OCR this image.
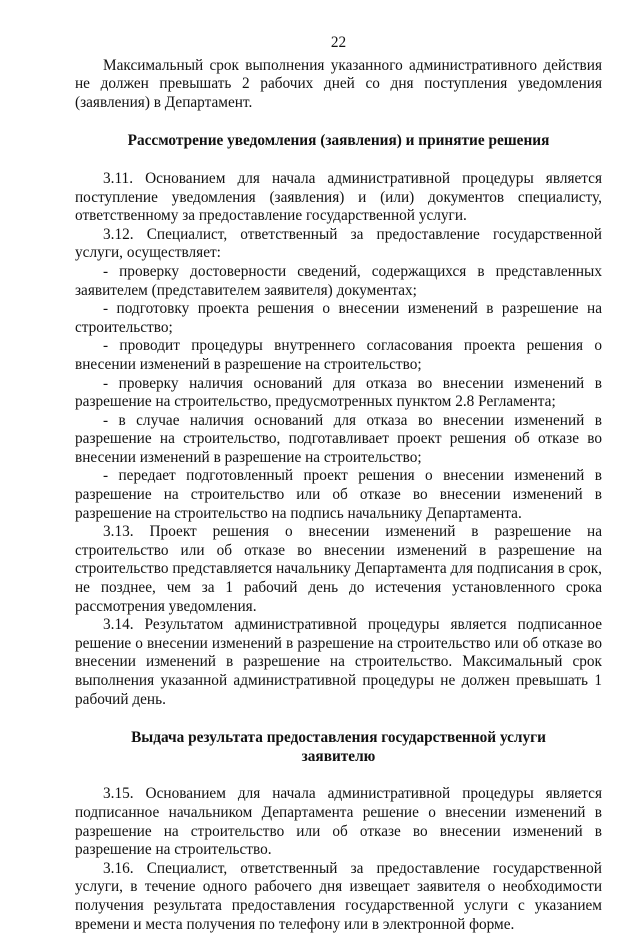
22

Максимальный срок выполнения указанного административного действия не должен превышать 2 рабочих дней со дня поступления уведомления (заявления) в Департамент.

Рассмотрение уведомления (заявления) и принятие решения

3.11. Основанием для начала административной процедуры является поступление уведомления (заявления) и (или) документов специалисту, ответственному за предоставление государственной услуги.

3.12. Специалист, ответственный за предоставление государственной услуги, осуществляет:

- проверку достоверности сведений, содержащихся в представленных заявителем (представителем заявителя) документах;

- подготовку проекта решения о внесении изменений в разрешение на строительство;

- проводит процедуры внутреннего согласования проекта решения о внесении изменений в разрешение на строительство;

- проверку наличия оснований для отказа во внесении изменений в разрешение на строительство, предусмотренных пунктом 2.8 Регламента;

- в случае наличия оснований для отказа во внесении изменений в разрешение на строительство, подготавливает проект решения об отказе во внесении изменений в разрешение на строительство;

- передает подготовленный проект решения о внесении изменений в разрешение на строительство или об отказе во внесении изменений в разрешение на строительство на подпись начальнику Департамента.

3.13. Проект решения о внесении изменений в разрешение на строительство или об отказе во внесении изменений в разрешение на строительство представляется начальнику Департамента для подписания в срок, не позднее, чем за 1 рабочий день до истечения установленного срока рассмотрения уведомления.

3.14. Результатом административной процедуры является подписанное решение о внесении изменений в разрешение на строительство или об отказе во внесении изменений в разрешение на строительство. Максимальный срок выполнения указанной административной процедуры не должен превышать 1 рабочий день.

Выдача результата предоставления государственной услуги
заявителю

3.15. Основанием для начала административной процедуры является подписанное начальником Департамента решение о внесении изменений в разрешение на строительство или об отказе во внесении изменений в разрешение на строительство.

3.16. Специалист, ответственный за предоставление государственной услуги, в течение одного рабочего дня извещает заявителя о необходимости получения результата предоставления государственной услуги с указанием времени и места получения по телефону или в электронной форме.
